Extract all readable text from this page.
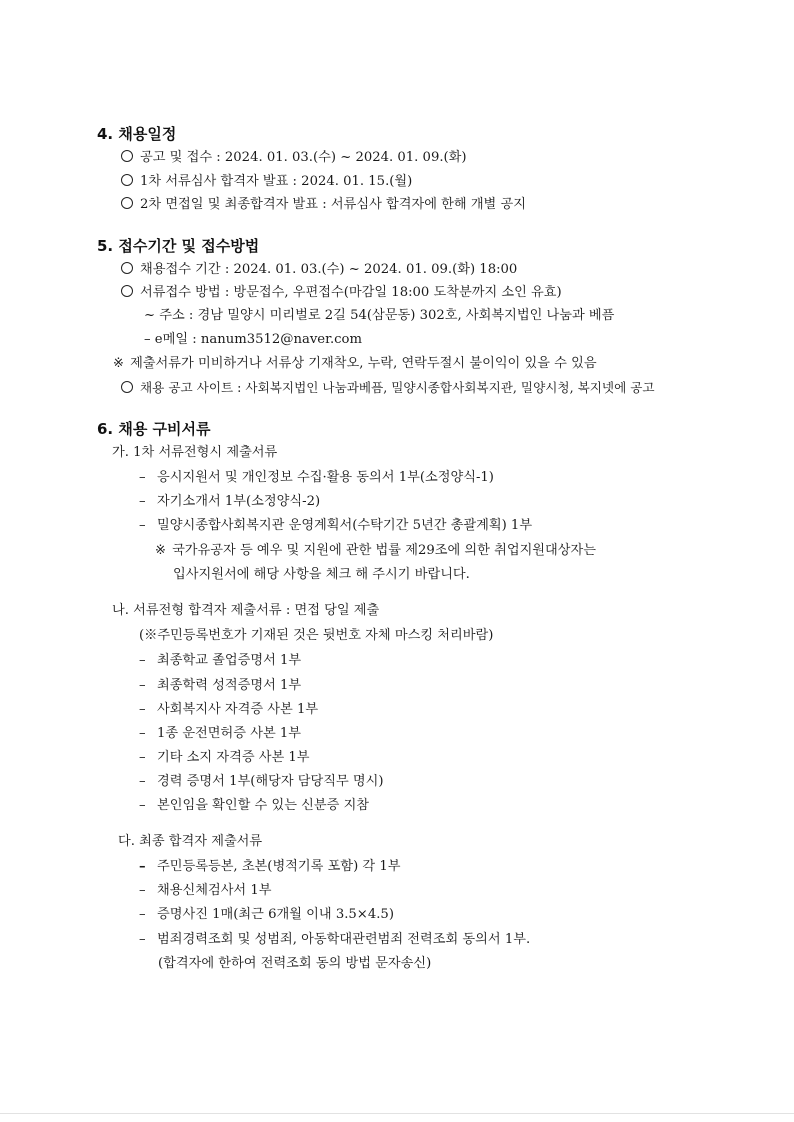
4. 채용일정
공고 및 접수 : 2024. 01. 03.(수) ~ 2024. 01. 09.(화)
1차 서류심사 합격자 발표 : 2024. 01. 15.(월)
2차 면접일 및 최종합격자 발표 : 서류심사 합격자에 한해 개별 공지
5. 접수기간 및 접수방법
채용접수 기간 : 2024. 01. 03.(수) ~ 2024. 01. 09.(화) 18:00
서류접수 방법 : 방문접수, 우편접수(마감일 18:00 도착분까지 소인 유효)
~ 주소 : 경남 밀양시 미리벌로 2길 54(삼문동) 302호, 사회복지법인 나눔과 베픔
– e메일 : nanum3512@naver.com
※ 제출서류가 미비하거나 서류상 기재착오, 누락, 연락두절시 불이익이 있을 수 있음
채용 공고 사이트 : 사회복지법인 나눔과베픔, 밀양시종합사회복지관, 밀양시청, 복지넷에 공고
6. 채용 구비서류
가. 1차 서류전형시 제출서류
– 응시지원서 및 개인정보 수집·활용 동의서 1부(소정양식-1)
– 자기소개서 1부(소정양식-2)
– 밀양시종합사회복지관 운영계획서(수탁기간 5년간 총괄계획) 1부
※ 국가유공자 등 예우 및 지원에 관한 법률 제29조에 의한 취업지원대상자는
입사지원서에 해당 사항을 체크 해 주시기 바랍니다.
나. 서류전형 합격자 제출서류 : 면접 당일 제출
(※주민등록번호가 기재된 것은 뒷번호 자체 마스킹 처리바람)
– 최종학교 졸업증명서 1부
– 최종학력 성적증명서 1부
– 사회복지사 자격증 사본 1부
– 1종 운전면허증 사본 1부
– 기타 소지 자격증 사본 1부
– 경력 증명서 1부(해당자 담당직무 명시)
– 본인임을 확인할 수 있는 신분증 지참
다. 최종 합격자 제출서류
– 주민등록등본, 초본(병적기록 포함) 각 1부
– 채용신체검사서 1부
– 증명사진 1매(최근 6개월 이내 3.5×4.5)
– 범죄경력조회 및 성범죄, 아동학대관련범죄 전력조회 동의서 1부.
(합격자에 한하여 전력조회 동의 방법 문자송신)
